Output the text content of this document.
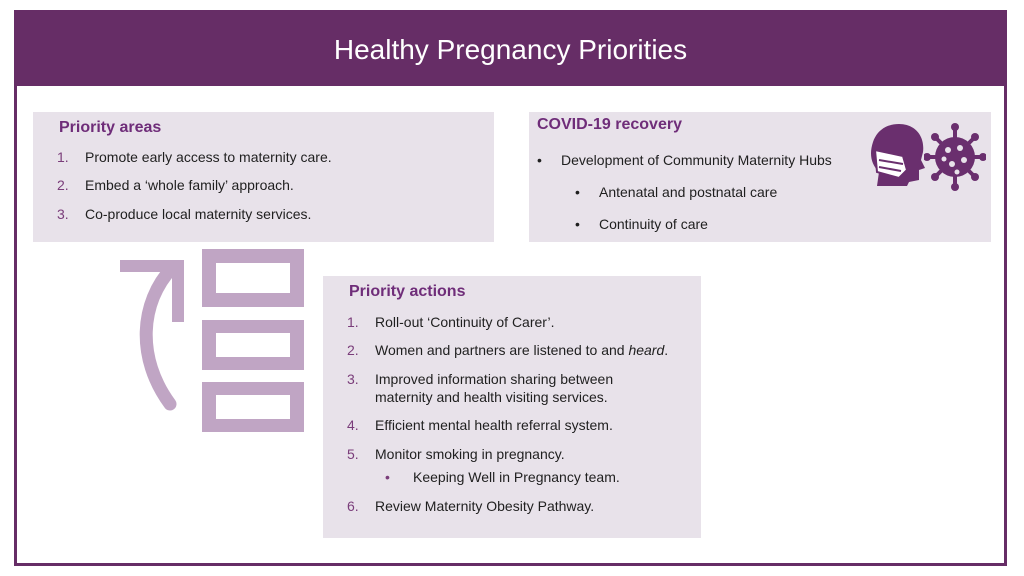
Healthy Pregnancy Priorities
Priority areas
1. Promote early access to maternity care.
2. Embed a ‘whole family’ approach.
3. Co-produce local maternity services.
COVID-19 recovery
• Development of Community Maternity Hubs
• Antenatal and postnatal care
• Continuity of care
Priority actions
1. Roll-out ‘Continuity of Carer’.
2. Women and partners are listened to and heard.
3. Improved information sharing between
maternity and health visiting services.
4. Efficient mental health referral system.
5. Monitor smoking in pregnancy.
• Keeping Well in Pregnancy team.
6. Review Maternity Obesity Pathway.
